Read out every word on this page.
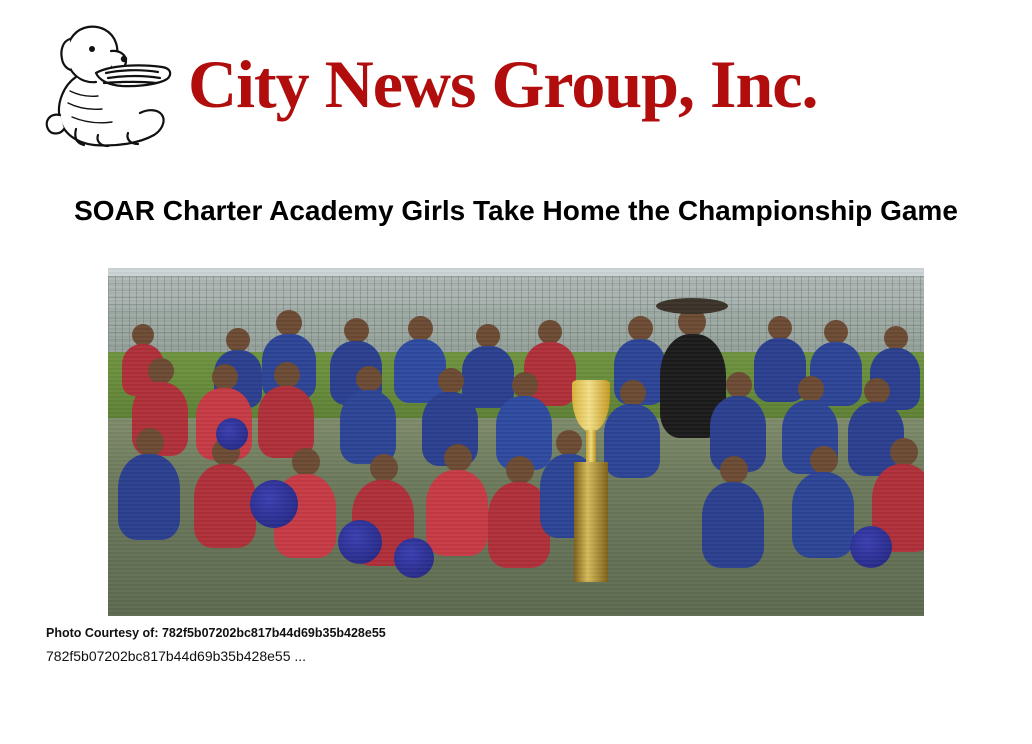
City News Group, Inc.
SOAR Charter Academy Girls Take Home the Championship Game
Photo Courtesy of: 782f5b07202bc817b44d69b35b428e55
782f5b07202bc817b44d69b35b428e55 ...
